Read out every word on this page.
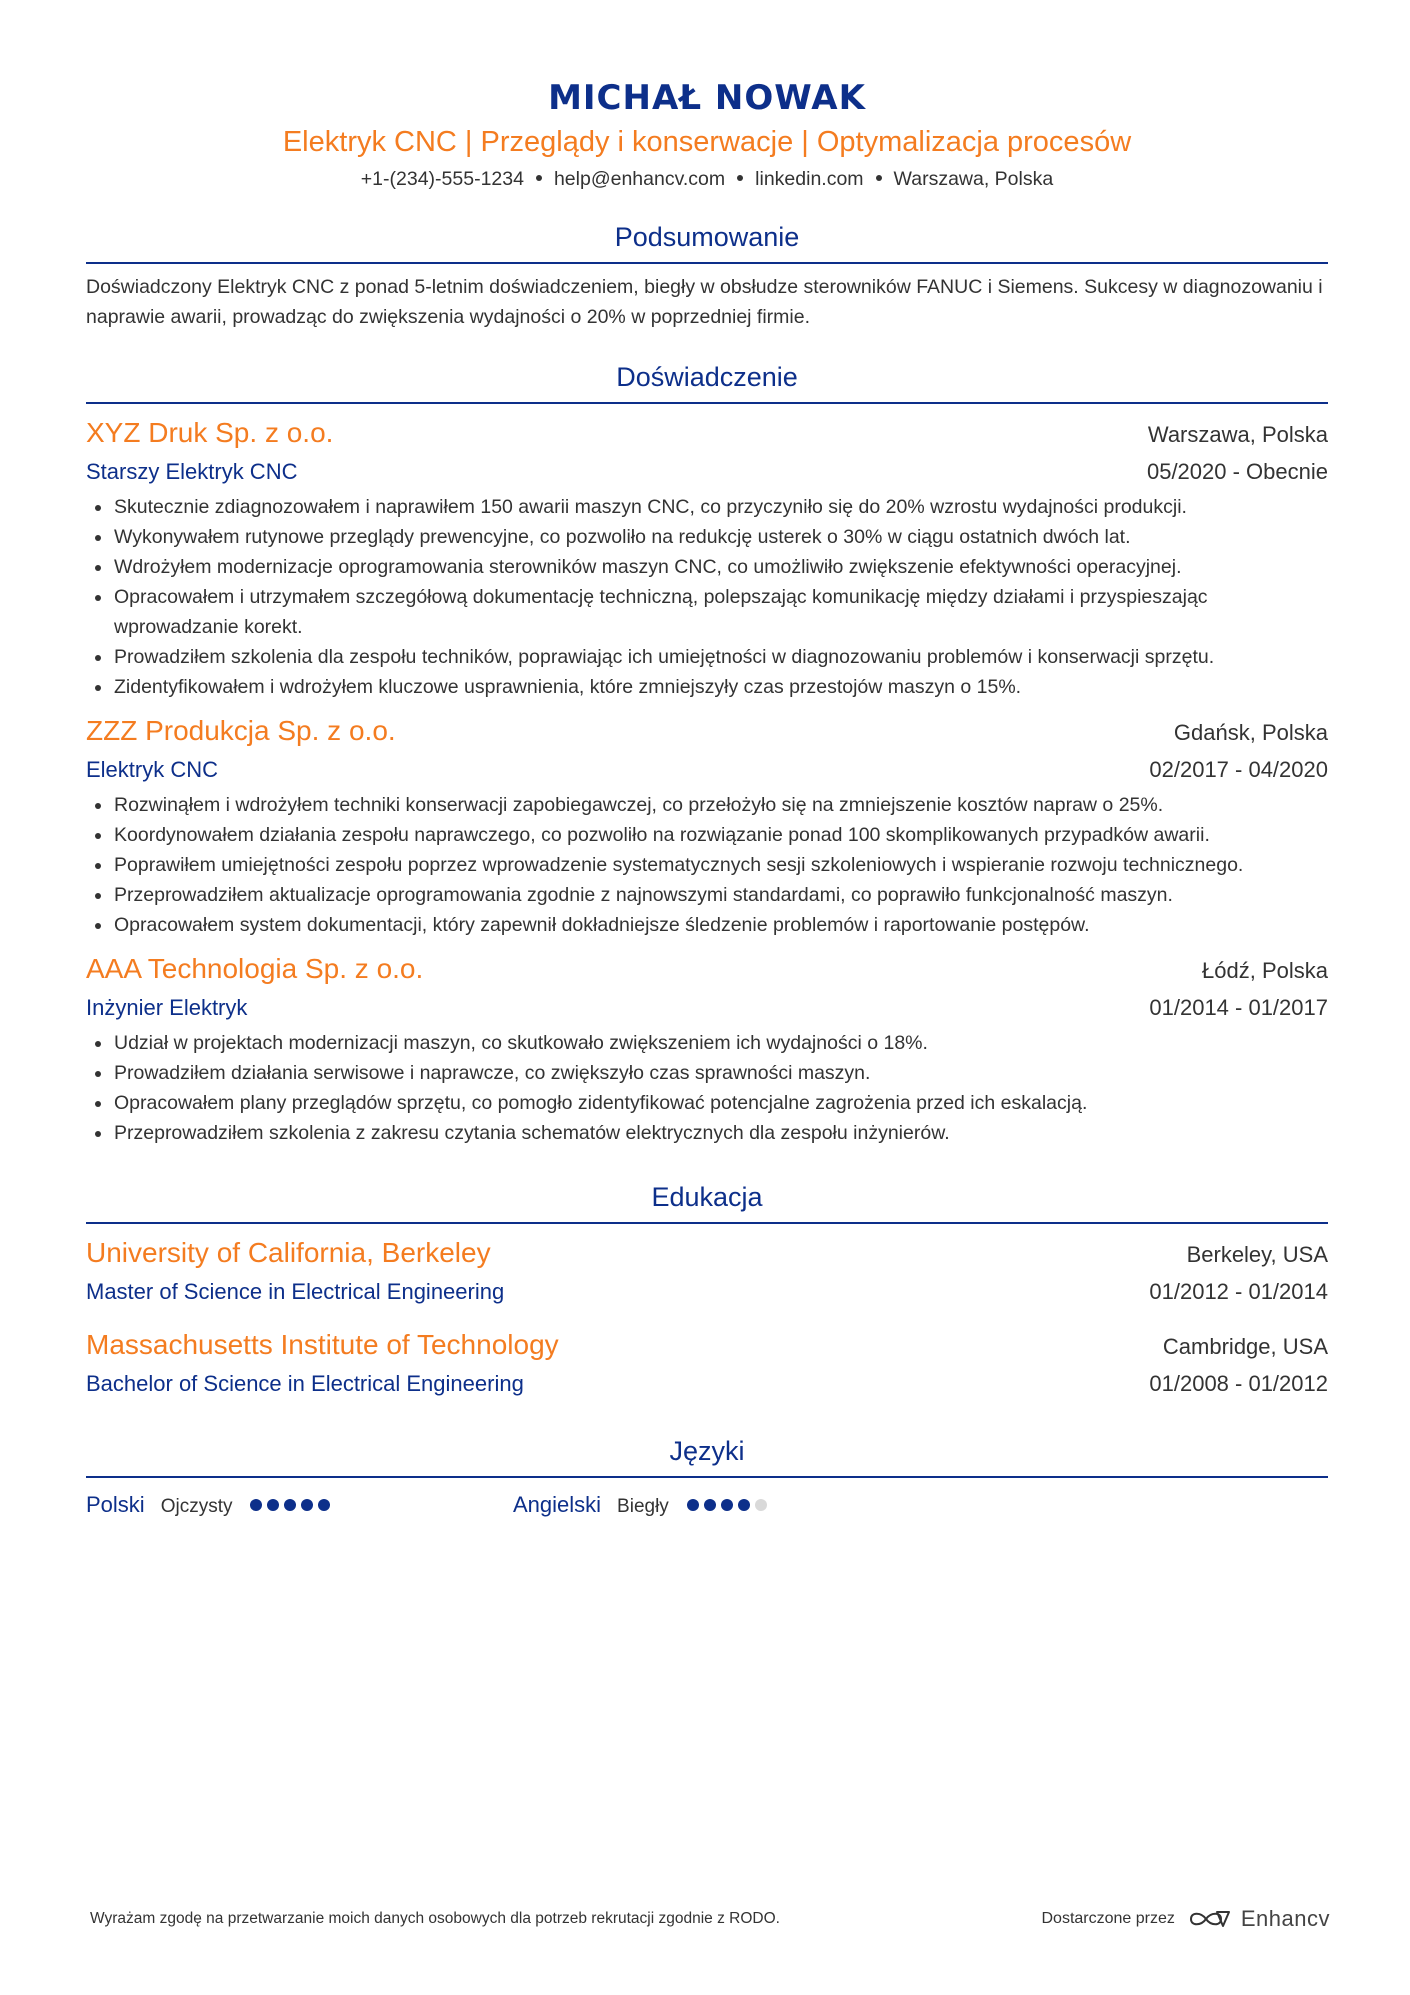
MICHAŁ NOWAK
Elektryk CNC | Przeglądy i konserwacje | Optymalizacja procesów
+1-(234)-555-1234 help@enhancv.com linkedin.com Warszawa, Polska
Podsumowanie
Doświadczony Elektryk CNC z ponad 5-letnim doświadczeniem, biegły w obsłudze sterowników FANUC i Siemens. Sukcesy w diagnozowaniu i naprawie awarii, prowadząc do zwiększenia wydajności o 20% w poprzedniej firmie.
Doświadczenie
XYZ Druk Sp. z o.o.	Warszawa, Polska
Starszy Elektryk CNC	05/2020 - Obecnie
Skutecznie zdiagnozowałem i naprawiłem 150 awarii maszyn CNC, co przyczyniło się do 20% wzrostu wydajności produkcji.
Wykonywałem rutynowe przeglądy prewencyjne, co pozwoliło na redukcję usterek o 30% w ciągu ostatnich dwóch lat.
Wdrożyłem modernizacje oprogramowania sterowników maszyn CNC, co umożliwiło zwiększenie efektywności operacyjnej.
Opracowałem i utrzymałem szczegółową dokumentację techniczną, polepszając komunikację między działami i przyspieszając wprowadzanie korekt.
Prowadziłem szkolenia dla zespołu techników, poprawiając ich umiejętności w diagnozowaniu problemów i konserwacji sprzętu.
Zidentyfikowałem i wdrożyłem kluczowe usprawnienia, które zmniejszyły czas przestojów maszyn o 15%.
ZZZ Produkcja Sp. z o.o.	Gdańsk, Polska
Elektryk CNC	02/2017 - 04/2020
Rozwinąłem i wdrożyłem techniki konserwacji zapobiegawczej, co przełożyło się na zmniejszenie kosztów napraw o 25%.
Koordynowałem działania zespołu naprawczego, co pozwoliło na rozwiązanie ponad 100 skomplikowanych przypadków awarii.
Poprawiłem umiejętności zespołu poprzez wprowadzenie systematycznych sesji szkoleniowych i wspieranie rozwoju technicznego.
Przeprowadziłem aktualizacje oprogramowania zgodnie z najnowszymi standardami, co poprawiło funkcjonalność maszyn.
Opracowałem system dokumentacji, który zapewnił dokładniejsze śledzenie problemów i raportowanie postępów.
AAA Technologia Sp. z o.o.	Łódź, Polska
Inżynier Elektryk	01/2014 - 01/2017
Udział w projektach modernizacji maszyn, co skutkowało zwiększeniem ich wydajności o 18%.
Prowadziłem działania serwisowe i naprawcze, co zwiększyło czas sprawności maszyn.
Opracowałem plany przeglądów sprzętu, co pomogło zidentyfikować potencjalne zagrożenia przed ich eskalacją.
Przeprowadziłem szkolenia z zakresu czytania schematów elektrycznych dla zespołu inżynierów.
Edukacja
University of California, Berkeley	Berkeley, USA
Master of Science in Electrical Engineering	01/2012 - 01/2014
Massachusetts Institute of Technology	Cambridge, USA
Bachelor of Science in Electrical Engineering	01/2008 - 01/2012
Języki
Polski Ojczysty	Angielski Biegły
Wyrażam zgodę na przetwarzanie moich danych osobowych dla potrzeb rekrutacji zgodnie z RODO.	Dostarczone przez	Enhancv
